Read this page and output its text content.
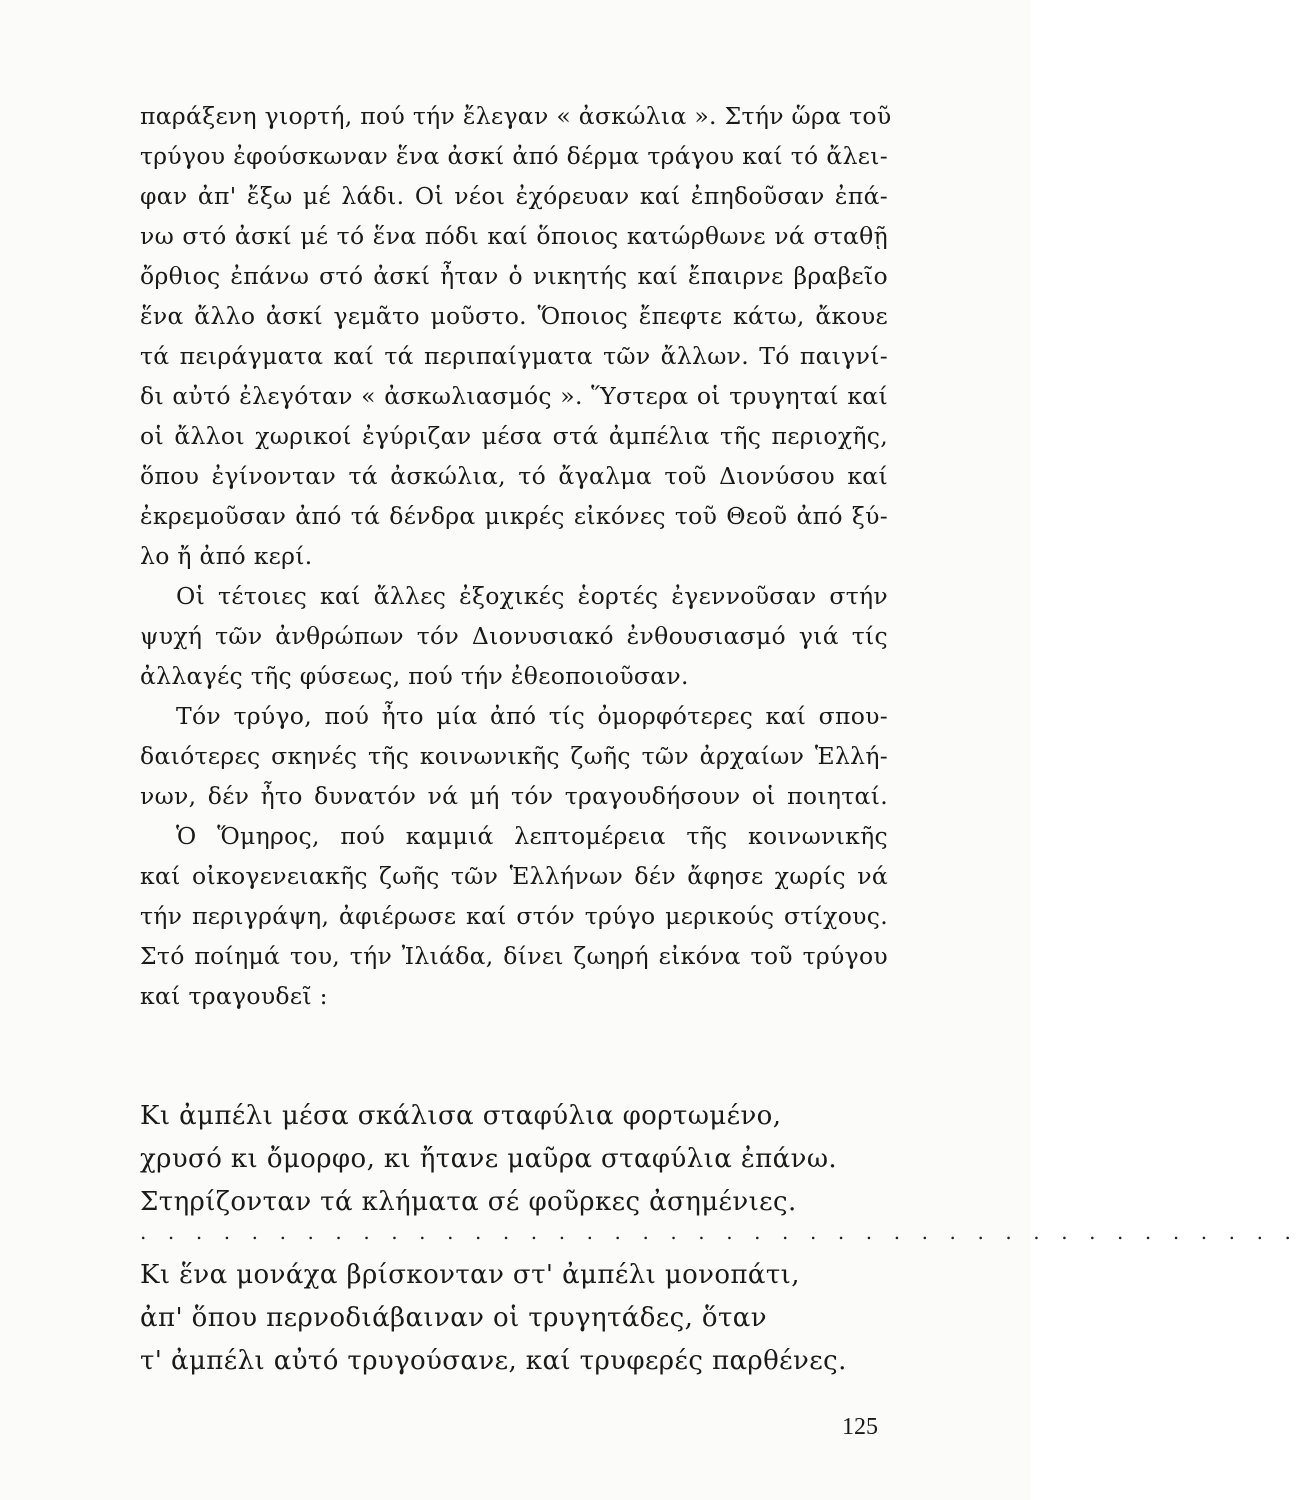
παράξενη γιορτή, πού τήν ἔλεγαν « ἀσκώλια ». Στήν ὥρα τοῦ
τρύγου ἐφούσκωναν ἕνα ἀσκί ἀπό δέρμα τράγου καί τό ἄλει-
φαν ἀπ' ἔξω μέ λάδι. Οἱ νέοι ἐχόρευαν καί ἐπηδοῦσαν ἐπά-
νω στό ἀσκί μέ τό ἕνα πόδι καί ὅποιος κατώρθωνε νά σταθῇ
ὄρθιος ἐπάνω στό ἀσκί ἦταν ὁ νικητής καί ἔπαιρνε βραβεῖο
ἕνα ἄλλο ἀσκί γεμᾶτο μοῦστο. Ὅποιος ἔπεφτε κάτω, ἄκουε
τά πειράγματα καί τά περιπαίγματα τῶν ἄλλων. Τό παιγνί-
δι αὐτό ἐλεγόταν « ἀσκωλιασμός ». Ὕστερα οἱ τρυγηταί καί
οἱ ἄλλοι χωρικοί ἐγύριζαν μέσα στά ἀμπέλια τῆς περιοχῆς,
ὅπου ἐγίνονταν τά ἀσκώλια, τό ἄγαλμα τοῦ Διονύσου καί
ἐκρεμοῦσαν ἀπό τά δένδρα μικρές εἰκόνες τοῦ Θεοῦ ἀπό ξύ-
λο ἤ ἀπό κερί.
Οἱ τέτοιες καί ἄλλες ἐξοχικές ἑορτές ἐγεννοῦσαν στήν
ψυχή τῶν ἀνθρώπων τόν Διονυσιακό ἐνθουσιασμό γιά τίς
ἀλλαγές τῆς φύσεως, πού τήν ἐθεοποιοῦσαν.
Τόν τρύγο, πού ἦτο μία ἀπό τίς ὀμορφότερες καί σπου-
δαιότερες σκηνές τῆς κοινωνικῆς ζωῆς τῶν ἀρχαίων Ἑλλή-
νων, δέν ἦτο δυνατόν νά μή τόν τραγουδήσουν οἱ ποιηταί.
Ὁ Ὅμηρος, πού καμμιά λεπτομέρεια τῆς κοινωνικῆς
καί οἰκογενειακῆς ζωῆς τῶν Ἑλλήνων δέν ἄφησε χωρίς νά
τήν περιγράψη, ἀφιέρωσε καί στόν τρύγο μερικούς στίχους.
Στό ποίημά του, τήν Ἰλιάδα, δίνει ζωηρή εἰκόνα τοῦ τρύγου
καί τραγουδεῖ :
Κι ἀμπέλι μέσα σκάλισα σταφύλια φορτωμένο,
χρυσό κι ὄμορφο, κι ἤτανε μαῦρα σταφύλια ἐπάνω.
Στηρίζονταν τά κλήματα σέ φοῦρκες ἀσημένιες.
. . . . . . . . . . . . . . . . . . . . . . . . . . . . . . . . . . . . . . . . . .
Κι ἕνα μονάχα βρίσκονταν στ' ἀμπέλι μονοπάτι,
ἀπ' ὅπου περνοδιάβαιναν οἱ τρυγητάδες, ὅταν
τ' ἀμπέλι αὐτό τρυγούσανε, καί τρυφερές παρθένες.
125
